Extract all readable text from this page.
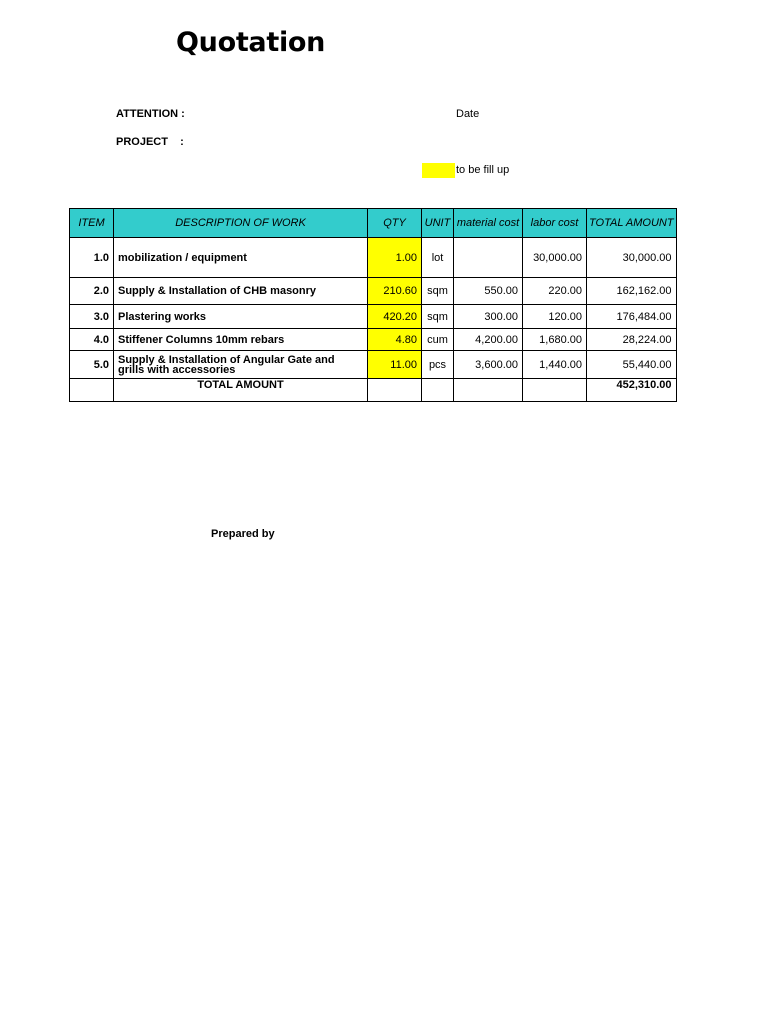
Quotation
ATTENTION :	Date
PROJECT    :
to be fill up
ITEM	DESCRIPTION OF WORK	QTY	UNIT	material cost	labor cost	TOTAL AMOUNT
1.0	mobilization / equipment	1.00	lot		30,000.00	30,000.00
2.0	Supply & Installation of CHB masonry	210.60	sqm	550.00	220.00	162,162.00
3.0	Plastering works	420.20	sqm	300.00	120.00	176,484.00
4.0	Stiffener Columns 10mm rebars	4.80	cum	4,200.00	1,680.00	28,224.00
5.0	Supply & Installation of Angular Gate and grills with accessories	11.00	pcs	3,600.00	1,440.00	55,440.00
	TOTAL AMOUNT					452,310.00
Prepared by
